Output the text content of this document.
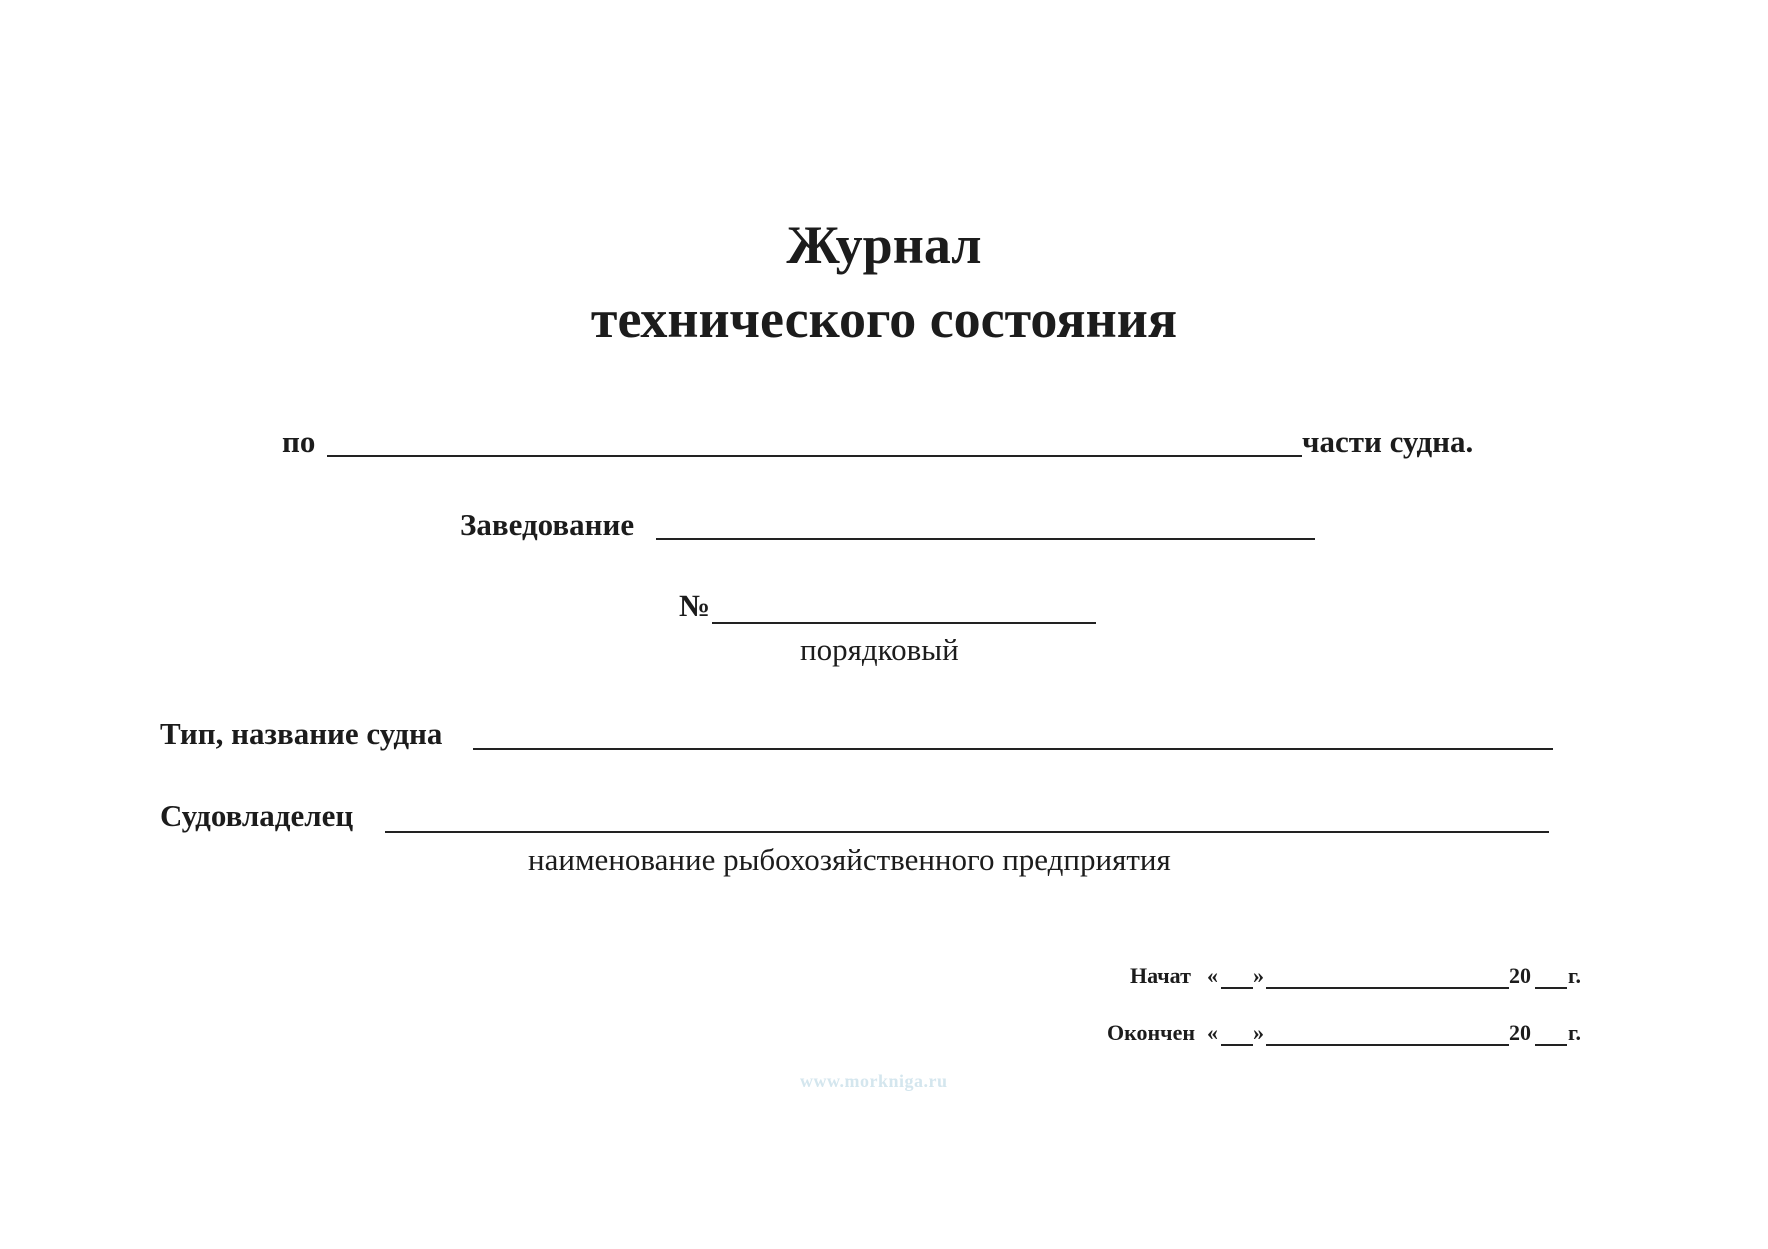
Журнал
технического состояния
по	части судна.
Заведование
№
порядковый
Тип, название судна
Судовладелец
наименование рыбохозяйственного предприятия
Начат « »	20 г.
Окончен « »	20 г.
www.morkniga.ru
